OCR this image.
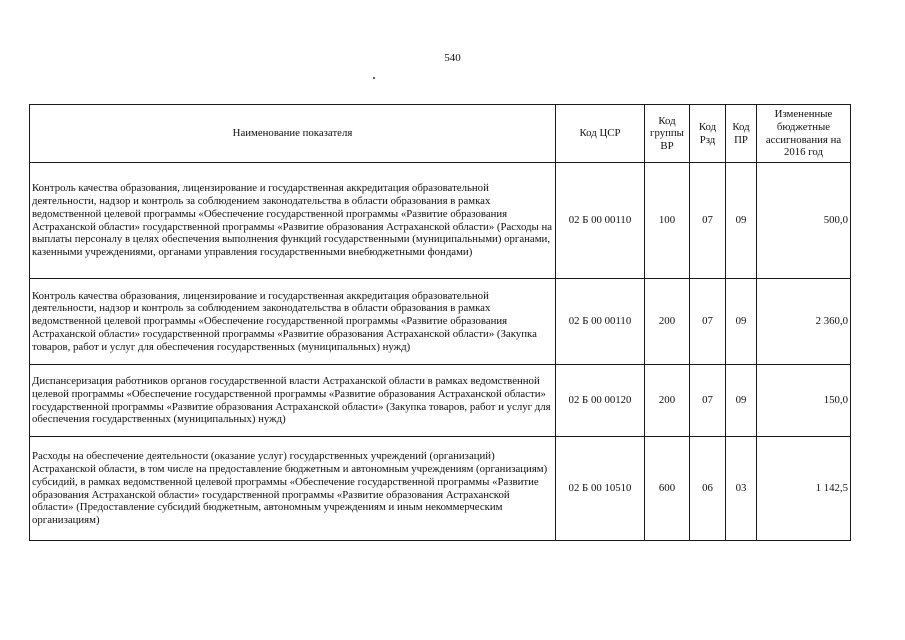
540
Наименование показателя	Код ЦСР	Код группы ВР	Код Рзд	Код ПР	Измененные бюджетные ассигнования на 2016 год
Контроль качества образования, лицензирование и государственная аккредитация образовательной деятельности, надзор и контроль за соблюдением законодательства в области образования в рамках ведомственной целевой программы «Обеспечение государственной программы «Развитие образования Астраханской области» государственной программы «Развитие образования Астраханской области» (Расходы на выплаты персоналу в целях обеспечения выполнения функций государственными (муниципальными) органами, казенными учреждениями, органами управления государственными внебюджетными фондами)	02 Б 00 00110	100	07	09	500,0
Контроль качества образования, лицензирование и государственная аккредитация образовательной деятельности, надзор и контроль за соблюдением законодательства в области образования в рамках ведомственной целевой программы «Обеспечение государственной программы «Развитие образования Астраханской области» государственной программы «Развитие образования Астраханской области» (Закупка товаров, работ и услуг для обеспечения государственных (муниципальных) нужд)	02 Б 00 00110	200	07	09	2 360,0
Диспансеризация работников органов государственной власти Астраханской области в рамках ведомственной целевой программы «Обеспечение государственной программы «Развитие образования Астраханской области» государственной программы «Развитие образования Астраханской области» (Закупка товаров, работ и услуг для обеспечения государственных (муниципальных) нужд)	02 Б 00 00120	200	07	09	150,0
Расходы на обеспечение деятельности (оказание услуг) государственных учреждений (организаций) Астраханской области, в том числе на предоставление бюджетным и автономным учреждениям (организациям) субсидий, в рамках ведомственной целевой программы «Обеспечение государственной программы «Развитие образования Астраханской области» государственной программы «Развитие образования Астраханской области» (Предоставление субсидий бюджетным, автономным учреждениям и иным некоммерческим организациям)	02 Б 00 10510	600	06	03	1 142,5
